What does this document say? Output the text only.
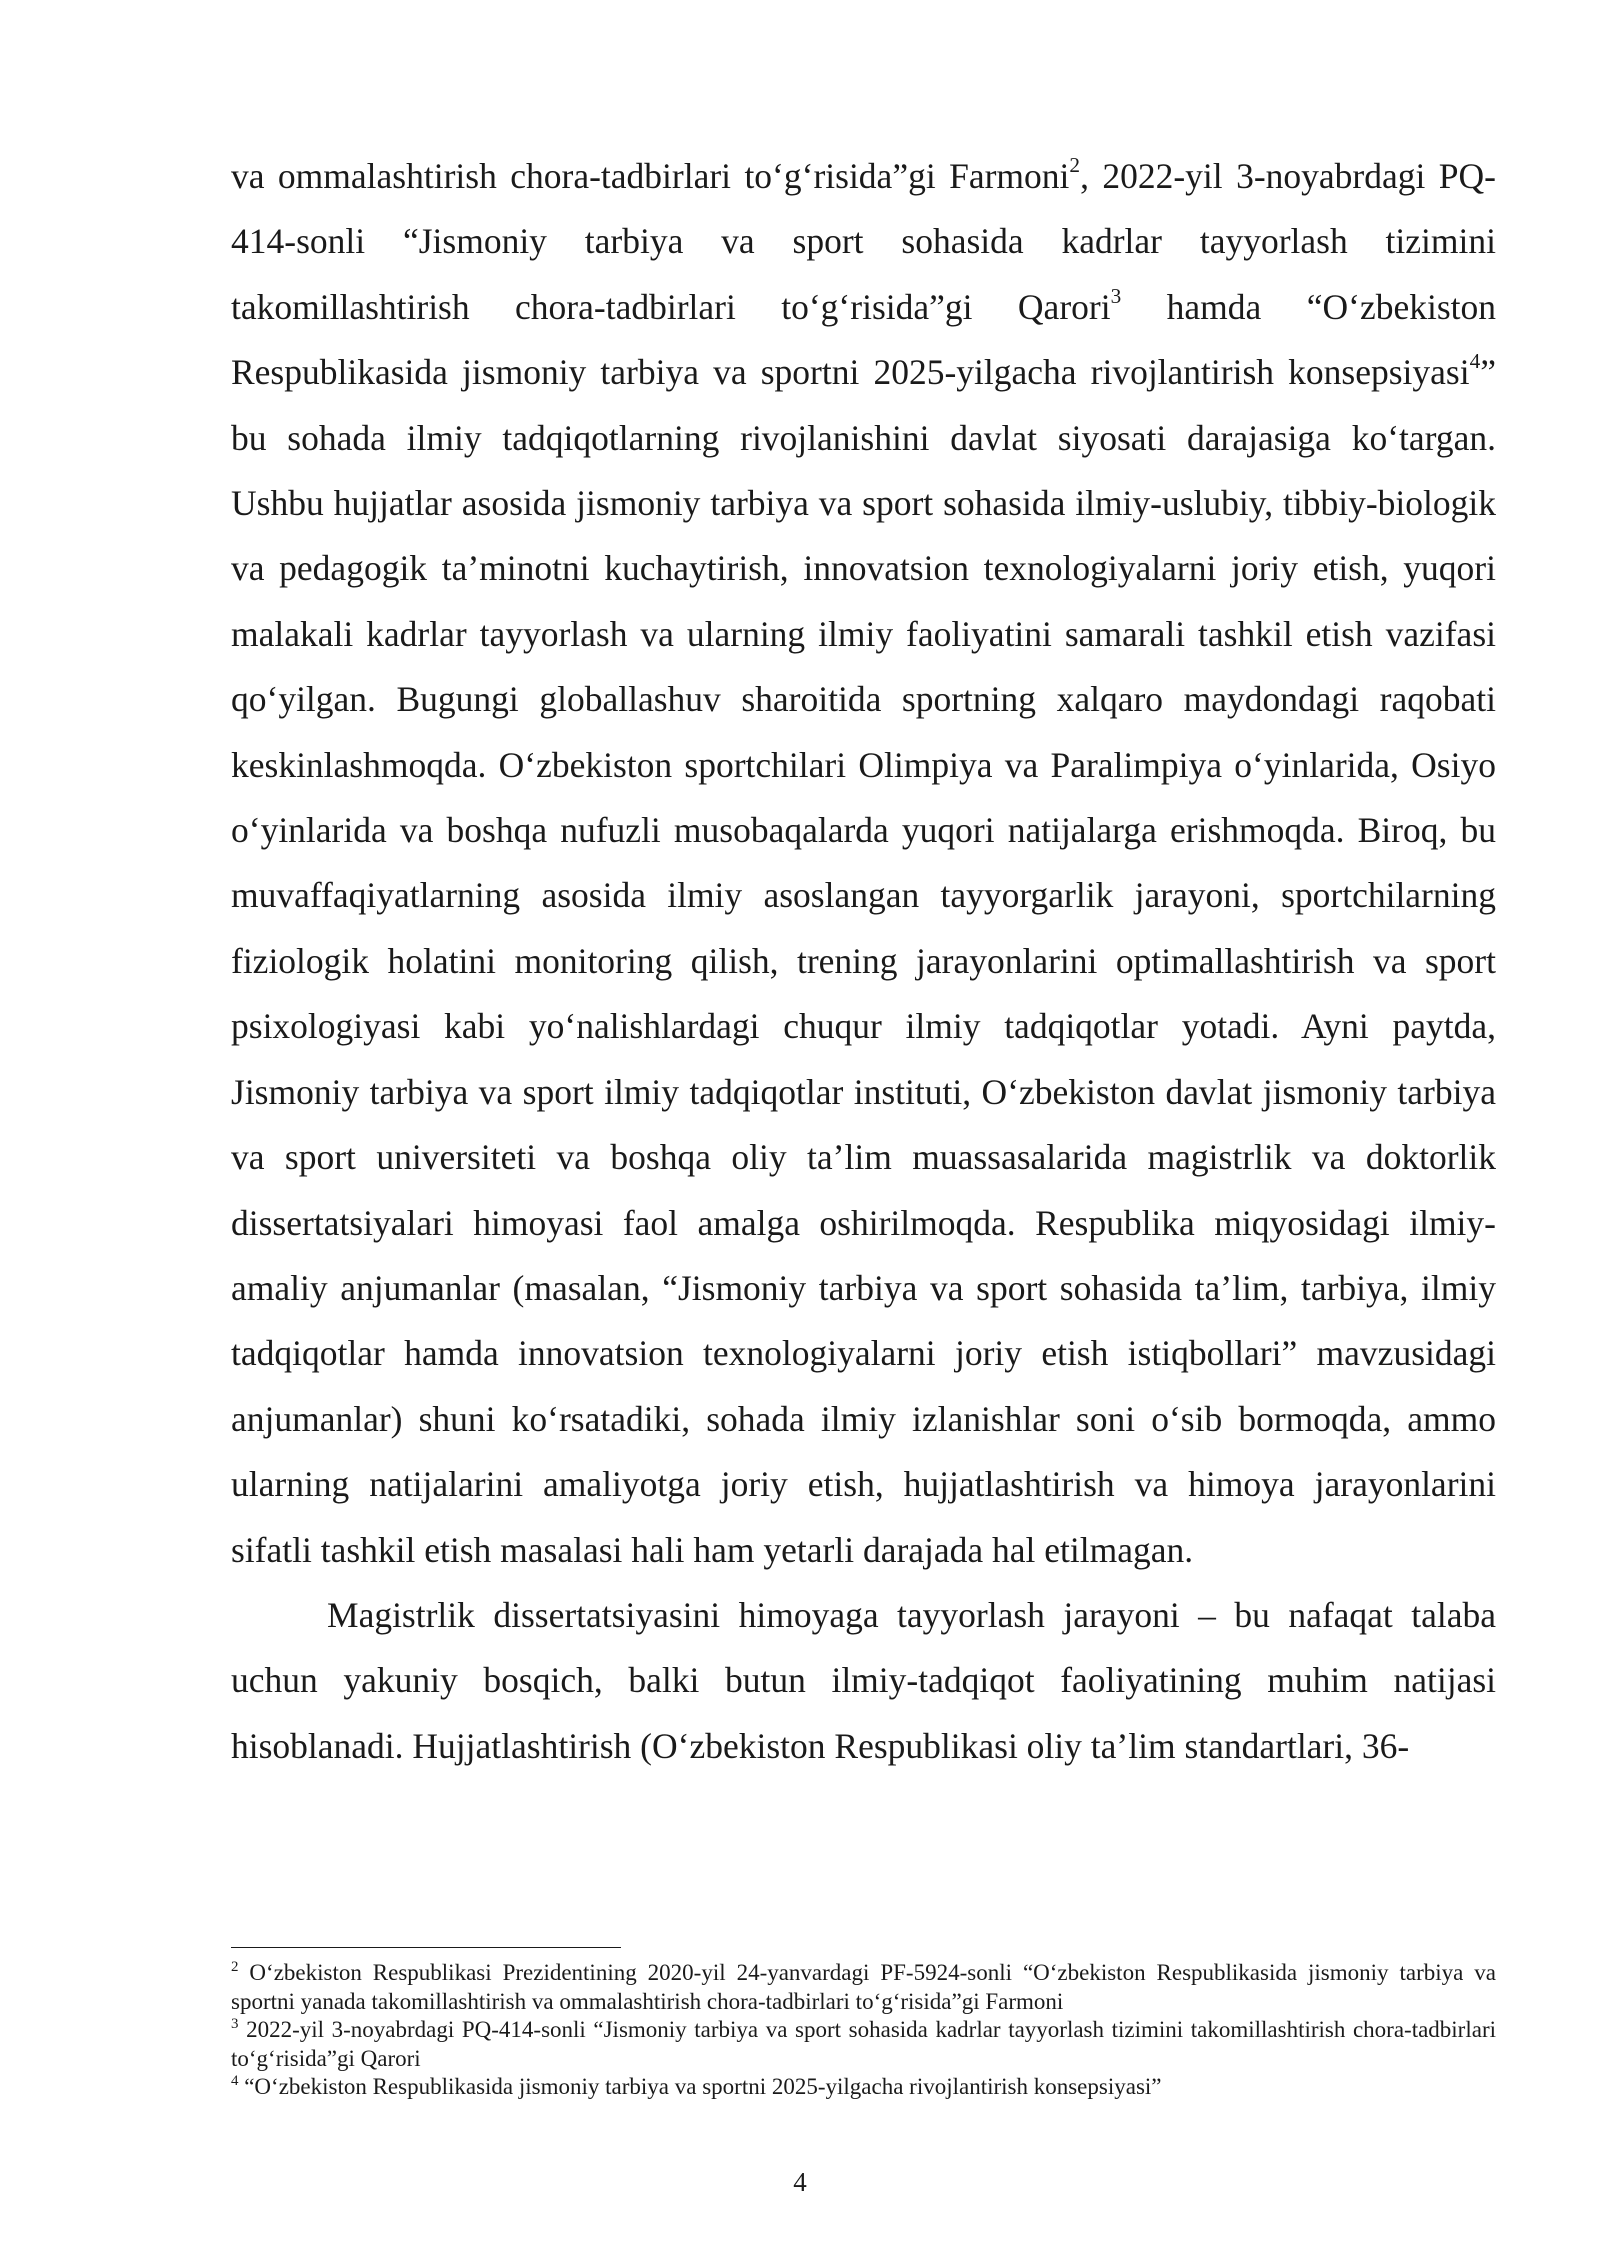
va ommalashtirish chora-tadbirlari to‘g‘risida”gi Farmoni$^2$, 2022-yil 3-noyabrdagi PQ-414-sonli “Jismoniy tarbiya va sport sohasida kadrlar tayyorlash tizimini takomillashtirish chora-tadbirlari to‘g‘risida”gi Qarori$^3$ hamda “O‘zbekiston Respublikasida jismoniy tarbiya va sportni 2025-yilgacha rivojlantirish konsepsiyasi$^4$” bu sohada ilmiy tadqiqotlarning rivojlanishini davlat siyosati darajasiga ko‘targan. Ushbu hujjatlar asosida jismoniy tarbiya va sport sohasida ilmiy-uslubiy, tibbiy-biologik va pedagogik ta’minotni kuchaytirish, innovatsion texnologiyalarni joriy etish, yuqori malakali kadrlar tayyorlash va ularning ilmiy faoliyatini samarali tashkil etish vazifasi qo‘yilgan. Bugungi globallashuv sharoitida sportning xalqaro maydondagi raqobati keskinlashmoqda. O‘zbekiston sportchilari Olimpiya va Paralimpiya o‘yinlarida, Osiyo o‘yinlarida va boshqa nufuzli musobaqalarda yuqori natijalarga erishmoqda. Biroq, bu muvaffaqiyatlarning asosida ilmiy asoslangan tayyorgarlik jarayoni, sportchilarning fiziologik holatini monitoring qilish, trening jarayonlarini optimallashtirish va sport psixologiyasi kabi yo‘nalishlardagi chuqur ilmiy tadqiqotlar yotadi. Ayni paytda, Jismoniy tarbiya va sport ilmiy tadqiqotlar instituti, O‘zbekiston davlat jismoniy tarbiya va sport universiteti va boshqa oliy ta’lim muassasalarida magistrlik va doktorlik dissertatsiyalari himoyasi faol amalga oshirilmoqda. Respublika miqyosidagi ilmiy-amaliy anjumanlar (masalan, “Jismoniy tarbiya va sport sohasida ta’lim, tarbiya, ilmiy tadqiqotlar hamda innovatsion texnologiyalarni joriy etish istiqbollari” mavzusidagi anjumanlar) shuni ko‘rsatadiki, sohada ilmiy izlanishlar soni o‘sib bormoqda, ammo ularning natijalarini amaliyotga joriy etish, hujjatlashtirish va himoya jarayonlarini sifatli tashkil etish masalasi hali ham yetarli darajada hal etilmagan.

Magistrlik dissertatsiyasini himoyaga tayyorlash jarayoni – bu nafaqat talaba uchun yakuniy bosqich, balki butun ilmiy-tadqiqot faoliyatining muhim natijasi hisoblanadi. Hujjatlashtirish (O‘zbekiston Respublikasi oliy ta’lim standartlari, 36-

$^2$ O‘zbekiston Respublikasi Prezidentining 2020-yil 24-yanvardagi PF-5924-sonli “O‘zbekiston Respublikasida jismoniy tarbiya va sportni yanada takomillashtirish va ommalashtirish chora-tadbirlari to‘g‘risida”gi Farmoni

$^3$ 2022-yil 3-noyabrdagi PQ-414-sonli “Jismoniy tarbiya va sport sohasida kadrlar tayyorlash tizimini takomillashtirish chora-tadbirlari to‘g‘risida”gi Qarori

$^4$ “O‘zbekiston Respublikasida jismoniy tarbiya va sportni 2025-yilgacha rivojlantirish konsepsiyasi”

4
